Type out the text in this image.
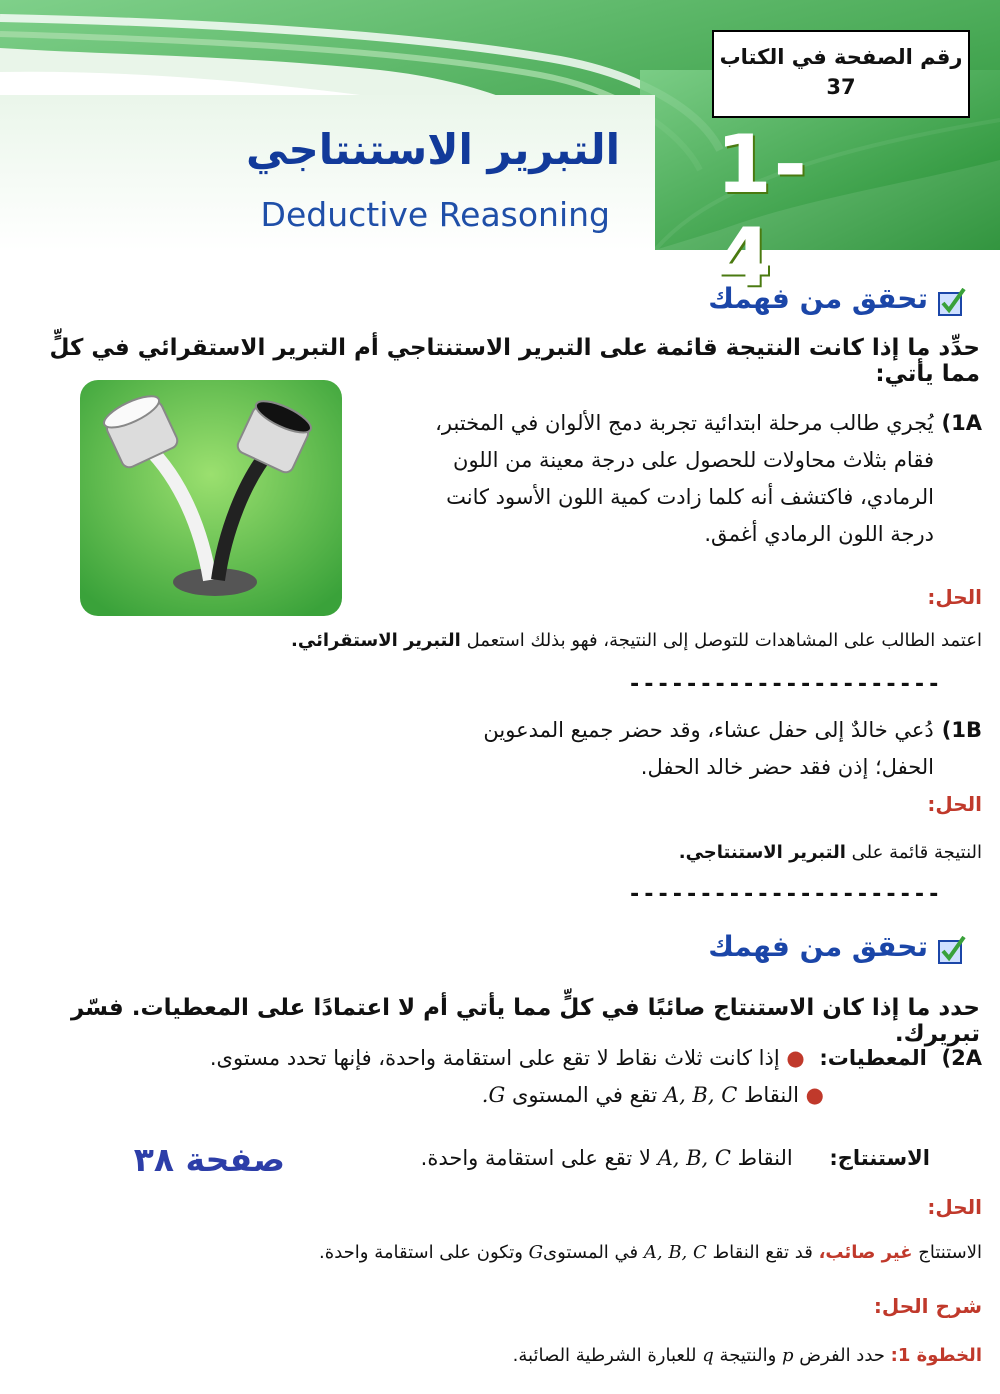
رقم الصفحة في الكتاب
37
1-4
التبرير الاستنتاجي
Deductive Reasoning
تحقق من فهمك
حدِّد ما إذا كانت النتيجة قائمة على التبرير الاستنتاجي أم التبرير الاستقرائي في كلٍّ مما يأتي:
1A)يُجري طالب مرحلة ابتدائية تجربة دمج الألوان في المختبر،
فقام بثلاث محاولات للحصول على درجة معينة من اللون
الرمادي، فاكتشف أنه كلما زادت كمية اللون الأسود كانت
درجة اللون الرمادي أغمق.
الحل:
اعتمد الطالب على المشاهدات للتوصل إلى النتيجة، فهو بذلك استعمل التبرير الاستقرائي.
----------------------
1B)دُعي خالدٌ إلى حفل عشاء، وقد حضر جميع المدعوين
الحفل؛ إذن فقد حضر خالد الحفل.
الحل:
النتيجة قائمة على التبرير الاستنتاجي.
----------------------
تحقق من فهمك
حدد ما إذا كان الاستنتاج صائبًا في كلٍّ مما يأتي أم لا اعتمادًا على المعطيات. فسّر تبريرك.
2A) المعطيات: ● إذا كانت ثلاث نقاط لا تقع على استقامة واحدة، فإنها تحدد مستوى.
● النقاط A, B, C تقع في المستوى G.
الاستنتاج: النقاط A, B, C لا تقع على استقامة واحدة.
صفحة ٣٨
الحل:
الاستنتاج غير صائب، قد تقع النقاط A, B, C في المستوىG وتكون على استقامة واحدة.
شرح الحل:
الخطوة 1: حدد الفرض p والنتيجة q للعبارة الشرطية الصائبة.
